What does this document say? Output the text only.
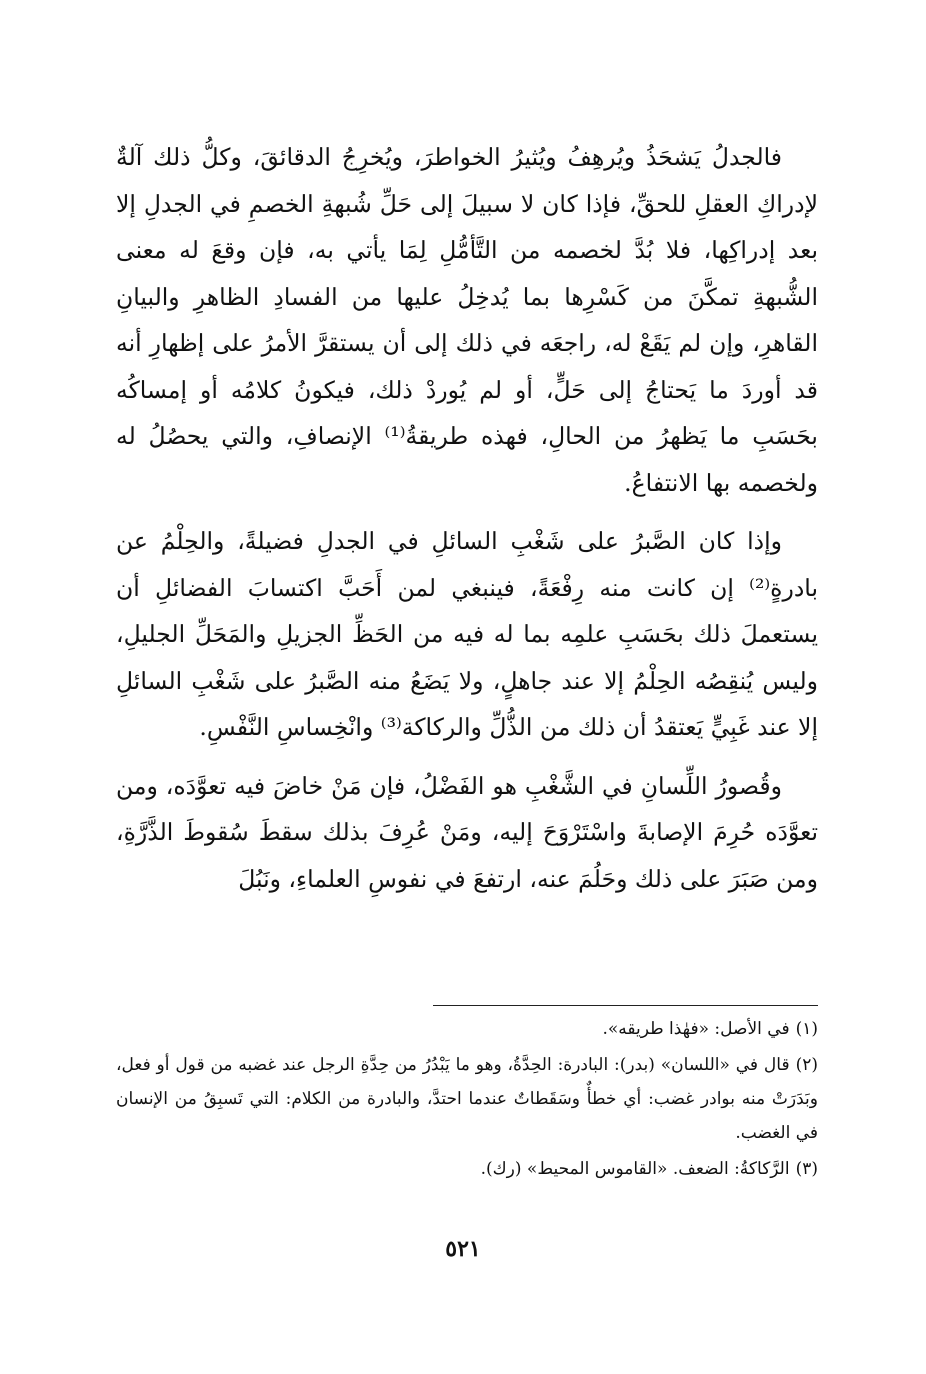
فالجدلُ يَشحَذُ ويُرهِفُ ويُثيرُ الخواطرَ، ويُخرِجُ الدقائقَ، وكلُّ ذلك آلةٌ لإدراكِ العقلِ للحقِّ، فإذا كان لا سبيلَ إلى حَلِّ شُبهةِ الخصمِ في الجدلِ إلا بعد إدراكِها، فلا بُدَّ لخصمه من التَّأمُّلِ لِمَا يأتي به، فإن وقعَ له معنى الشُّبهةِ تمكَّنَ من كَسْرِها بما يُدخِلُ عليها من الفسادِ الظاهرِ والبيانِ القاهرِ، وإن لم يَقَعْ له، راجعَه في ذلك إلى أن يستقرَّ الأمرُ على إظهارِ أنه قد أوردَ ما يَحتاجُ إلى حَلٍّ، أو لم يُوردْ ذلك، فيكونُ كلامُه أو إمساكُه بحَسَبِ ما يَظهرُ من الحالِ، فهذه طريقةُ⁽¹⁾ الإنصافِ، والتي يحصُلُ له ولخصمه بها الانتفاعُ.

وإذا كان الصَّبرُ على شَغْبِ السائلِ في الجدلِ فضيلةً، والحِلْمُ عن بادرةٍ⁽²⁾ إن كانت منه رِفْعَةً، فينبغي لمن أَحَبَّ اكتسابَ الفضائلِ أن يستعملَ ذلك بحَسَبِ علمِه بما له فيه من الحَظِّ الجزيلِ والمَحَلِّ الجليلِ، وليس يُنقِصُه الحِلْمُ إلا عند جاهلٍ، ولا يَضَعُ منه الصَّبرُ على شَغْبِ السائلِ إلا عند غَبِيٍّ يَعتقدُ أن ذلك من الذُّلِّ والركاكة⁽³⁾ وانْخِساسِ النَّفْسِ.

وقُصورُ اللِّسانِ في الشَّغْبِ هو الفَضْلُ، فإن مَنْ خاضَ فيه تعوَّدَه، ومن تعوَّدَه حُرِمَ الإصابةَ واسْتَرْوَحَ إليه، ومَنْ عُرِفَ بذلك سقطَ سُقوطَ الذَّرَّةِ، ومن صَبَرَ على ذلك وحَلُمَ عنه، ارتفعَ في نفوسِ العلماءِ، ونَبُلَ

(١)في الأصل: «فهٰذا طريقه».

(٢)قال في «اللسان» (بدر): البادرة: الحِدَّةُ، وهو ما يَبْدُرُ من حِدَّةِ الرجل عند غضبه من قول أو فعل، وبَدَرَتْ منه بوادر غضب: أي خطأٌ وسَقَطاتٌ عندما احتدَّ، والبادرة من الكلام: التي تَسبِقُ من الإنسان في الغضب.

(٣)الرَّكاكةُ: الضعف. «القاموس المحيط» (رك).

٥٢١
